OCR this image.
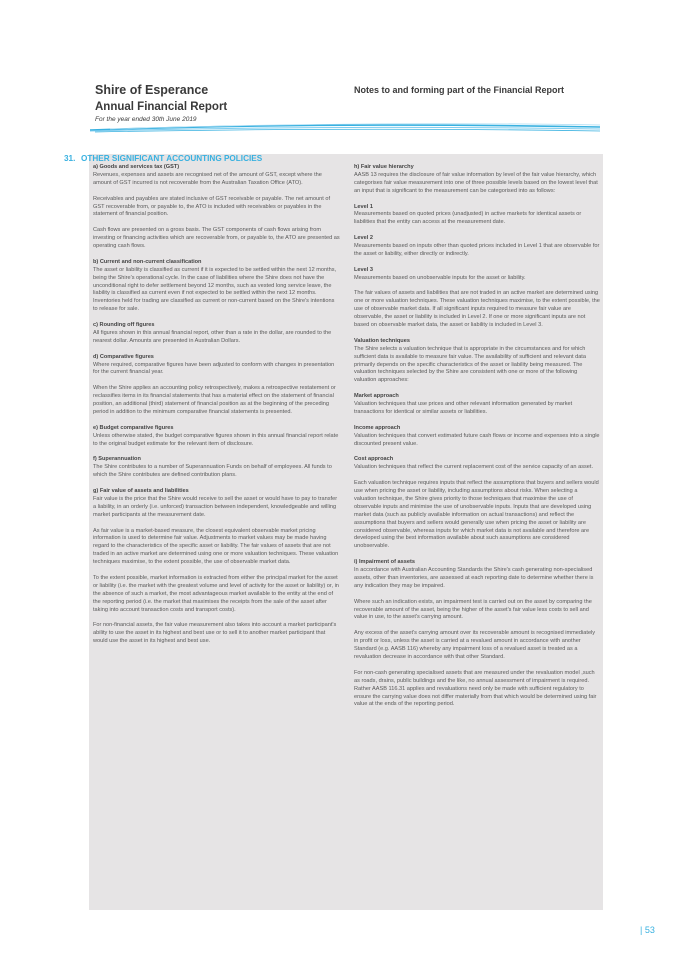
Shire of Esperance
Annual Financial Report
For the year ended 30th June 2019
Notes to and forming part of the Financial Report
31. OTHER SIGNIFICANT ACCOUNTING POLICIES
a) Goods and services tax (GST)

Revenues, expenses and assets are recognised net of the amount of GST, except where the amount of GST incurred is not recoverable from the Australian Taxation Office (ATO).

Receivables and payables are stated inclusive of GST receivable or payable. The net amount of GST recoverable from, or payable to, the ATO is included with receivables or payables in the statement of financial position.

Cash flows are presented on a gross basis. The GST components of cash flows arising from investing or financing activities which are recoverable from, or payable to, the ATO are presented as operating cash flows.

b) Current and non-current classification

The asset or liability is classified as current if it is expected to be settled within the next 12 months, being the Shire's operational cycle. In the case of liabilities where the Shire does not have the unconditional right to defer settlement beyond 12 months, such as vested long service leave, the liability is classified as current even if not expected to be settled within the next 12 months. Inventories held for trading are classified as current or non-current based on the Shire's intentions to release for sale.

c) Rounding off figures

All figures shown in this annual financial report, other than a rate in the dollar, are rounded to the nearest dollar. Amounts are presented in Australian Dollars.

d) Comparative figures

Where required, comparative figures have been adjusted to conform with changes in presentation for the current financial year.

When the Shire applies an accounting policy retrospectively, makes a retrospective restatement or reclassifies items in its financial statements that has a material effect on the statement of financial position, an additional (third) statement of financial position as at the beginning of the preceding period in addition to the minimum comparative financial statements is presented.

e) Budget comparative figures

Unless otherwise stated, the budget comparative figures shown in this annual financial report relate to the original budget estimate for the relevant item of disclosure.

f) Superannuation

The Shire contributes to a number of Superannuation Funds on behalf of employees. All funds to which the Shire contributes are defined contribution plans.

g) Fair value of assets and liabilities

Fair value is the price that the Shire would receive to sell the asset or would have to pay to transfer a liability, in an orderly (i.e. unforced) transaction between independent, knowledgeable and willing market participants at the measurement date.

As fair value is a market-based measure, the closest equivalent observable market pricing information is used to determine fair value. Adjustments to market values may be made having regard to the characteristics of the specific asset or liability. The fair values of assets that are not traded in an active market are determined using one or more valuation techniques. These valuation techniques maximise, to the extent possible, the use of observable market data.

To the extent possible, market information is extracted from either the principal market for the asset or liability (i.e. the market with the greatest volume and level of activity for the asset or liability) or, in the absence of such a market, the most advantageous market available to the entity at the end of the reporting period (i.e. the market that maximises the receipts from the sale of the asset after taking into account transaction costs and transport costs).

For non-financial assets, the fair value measurement also takes into account a market participant's ability to use the asset in its highest and best use or to sell it to another market participant that would use the asset in its highest and best use.

h) Fair value hierarchy

AASB 13 requires the disclosure of fair value information by level of the fair value hierarchy, which categorises fair value measurement into one of three possible levels based on the lowest level that an input that is significant to the measurement can be categorised into as follows:

Level 1

Measurements based on quoted prices (unadjusted) in active markets for identical assets or liabilities that the entity can access at the measurement date.

Level 2

Measurements based on inputs other than quoted prices included in Level 1 that are observable for the asset or liability, either directly or indirectly.

Level 3

Measurements based on unobservable inputs for the asset or liability.

The fair values of assets and liabilities that are not traded in an active market are determined using one or more valuation techniques. These valuation techniques maximise, to the extent possible, the use of observable market data. If all significant inputs required to measure fair value are observable, the asset or liability is included in Level 2. If one or more significant inputs are not based on observable market data, the asset or liability is included in Level 3.

Valuation techniques

The Shire selects a valuation technique that is appropriate in the circumstances and for which sufficient data is available to measure fair value. The availability of sufficient and relevant data primarily depends on the specific characteristics of the asset or liability being measured. The valuation techniques selected by the Shire are consistent with one or more of the following valuation approaches:

Market approach

Valuation techniques that use prices and other relevant information generated by market transactions for identical or similar assets or liabilities.

Income approach

Valuation techniques that convert estimated future cash flows or income and expenses into a single discounted present value.

Cost approach

Valuation techniques that reflect the current replacement cost of the service capacity of an asset.

Each valuation technique requires inputs that reflect the assumptions that buyers and sellers would use when pricing the asset or liability, including assumptions about risks. When selecting a valuation technique, the Shire gives priority to those techniques that maximise the use of observable inputs and minimise the use of unobservable inputs. Inputs that are developed using market data (such as publicly available information on actual transactions) and reflect the assumptions that buyers and sellers would generally use when pricing the asset or liability are considered observable, whereas inputs for which market data is not available and therefore are developed using the best information available about such assumptions are considered unobservable.

i) Impairment of assets

In accordance with Australian Accounting Standards the Shire's cash generating non-specialised assets, other than inventories, are assessed at each reporting date to determine whether there is any indication they may be impaired.

Where such an indication exists, an impairment test is carried out on the asset by comparing the recoverable amount of the asset, being the higher of the asset's fair value less costs to sell and value in use, to the asset's carrying amount.

Any excess of the asset's carrying amount over its recoverable amount is recognised immediately in profit or loss, unless the asset is carried at a revalued amount in accordance with another Standard (e.g. AASB 116) whereby any impairment loss of a revalued asset is treated as a revaluation decrease in accordance with that other Standard.

For non-cash generating specialised assets that are measured under the revaluation model ,such as roads, drains, public buildings and the like, no annual assessment of impairment is required. Rather AASB 116.31 applies and revaluations need only be made with sufficient regulatory to ensure the carrying value does not differ materially from that which would be determined using fair value at the ends of the reporting period.

| 53
